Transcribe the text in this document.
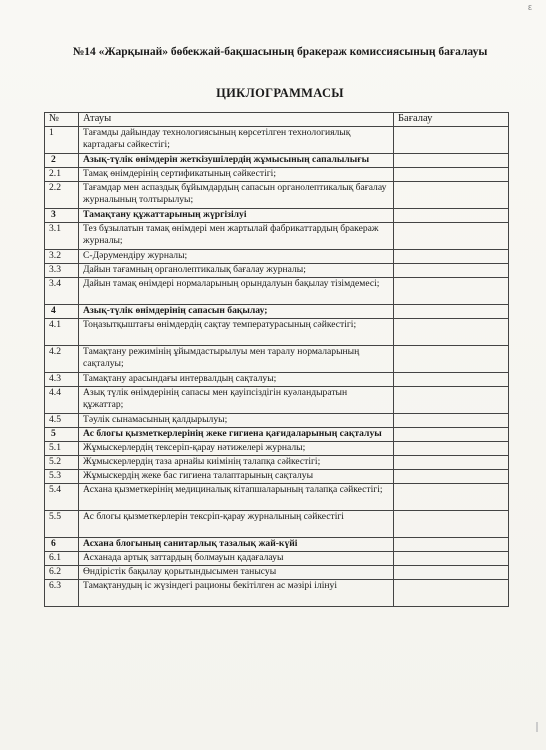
ε
№14 «Жарқынай» бөбекжай-бақшасының бракераж комиссиясының бағалауы
ЦИКЛОГРАММАСЫ
№	Атауы	Бағалау
1	Тағамды дайындау технологиясының көрсетілген технологиялық картадағы сәйкестігі;	
2	Азық-түлік өнімдерін жеткізушілердің жұмысының сапалылығы	
2.1	Тамақ өнімдерінің сертификатының сәйкестігі;	
2.2	Тағамдар мен аспаздық бұйымдардың сапасын органолептикалық бағалау журналының толтырылуы;	
3	Тамақтану құжаттарының жүргізілуі	
3.1	Тез бұзылатын тамақ өнімдері мен жартылай фабрикаттардың бракераж журналы;	
3.2	С-Дәрумендіру журналы;	
3.3	Дайын тағамның органолептикалық бағалау журналы;	
3.4	Дайын тамақ өнімдері нормаларының орындалуын бақылау тізімдемесі;	
4	Азық-түлік өнімдерінің сапасын бақылау;	
4.1	Тоңазытқыштағы өнімдердің сақтау температурасының сәйкестігі;	
4.2	Тамақтану режимінің ұйымдастырылуы мен таралу нормаларының сақталуы;	
4.3	Тамақтану арасындағы интервалдың сақталуы;	
4.4	Азық түлік өнімдерінің сапасы мен қауіпсіздігін куәландыратын құжаттар;	
4.5	Тәулік сынамасының қалдырылуы;	
5	Ас блогы қызметкерлерінің жеке гигиена қағидаларының сақталуы	
5.1	Жұмыскерлердің тексеріп-қарау нәтижелері журналы;	
5.2	Жұмыскерлердің таза арнайы киімінің талапқа сәйкестігі;	
5.3	Жұмыскердің жеке бас гигиена талаптарының сақталуы	
5.4	Асхана қызметкерінің медициналық кітапшаларының талапқа сәйкестігі;	
5.5	Ас блогы қызметкерлерін тексріп-қарау журналының сәйкестігі	
6	Асхана блогының санитарлық тазалық жай-күйі	
6.1	Асханада артық заттардың болмауын қадағалауы	
6.2	Өндірістік бақылау қорытындысымен танысуы	
6.3	Тамақтанудың іс жүзіндегі рационы бекітілген ас мәзірі ілінуі	
